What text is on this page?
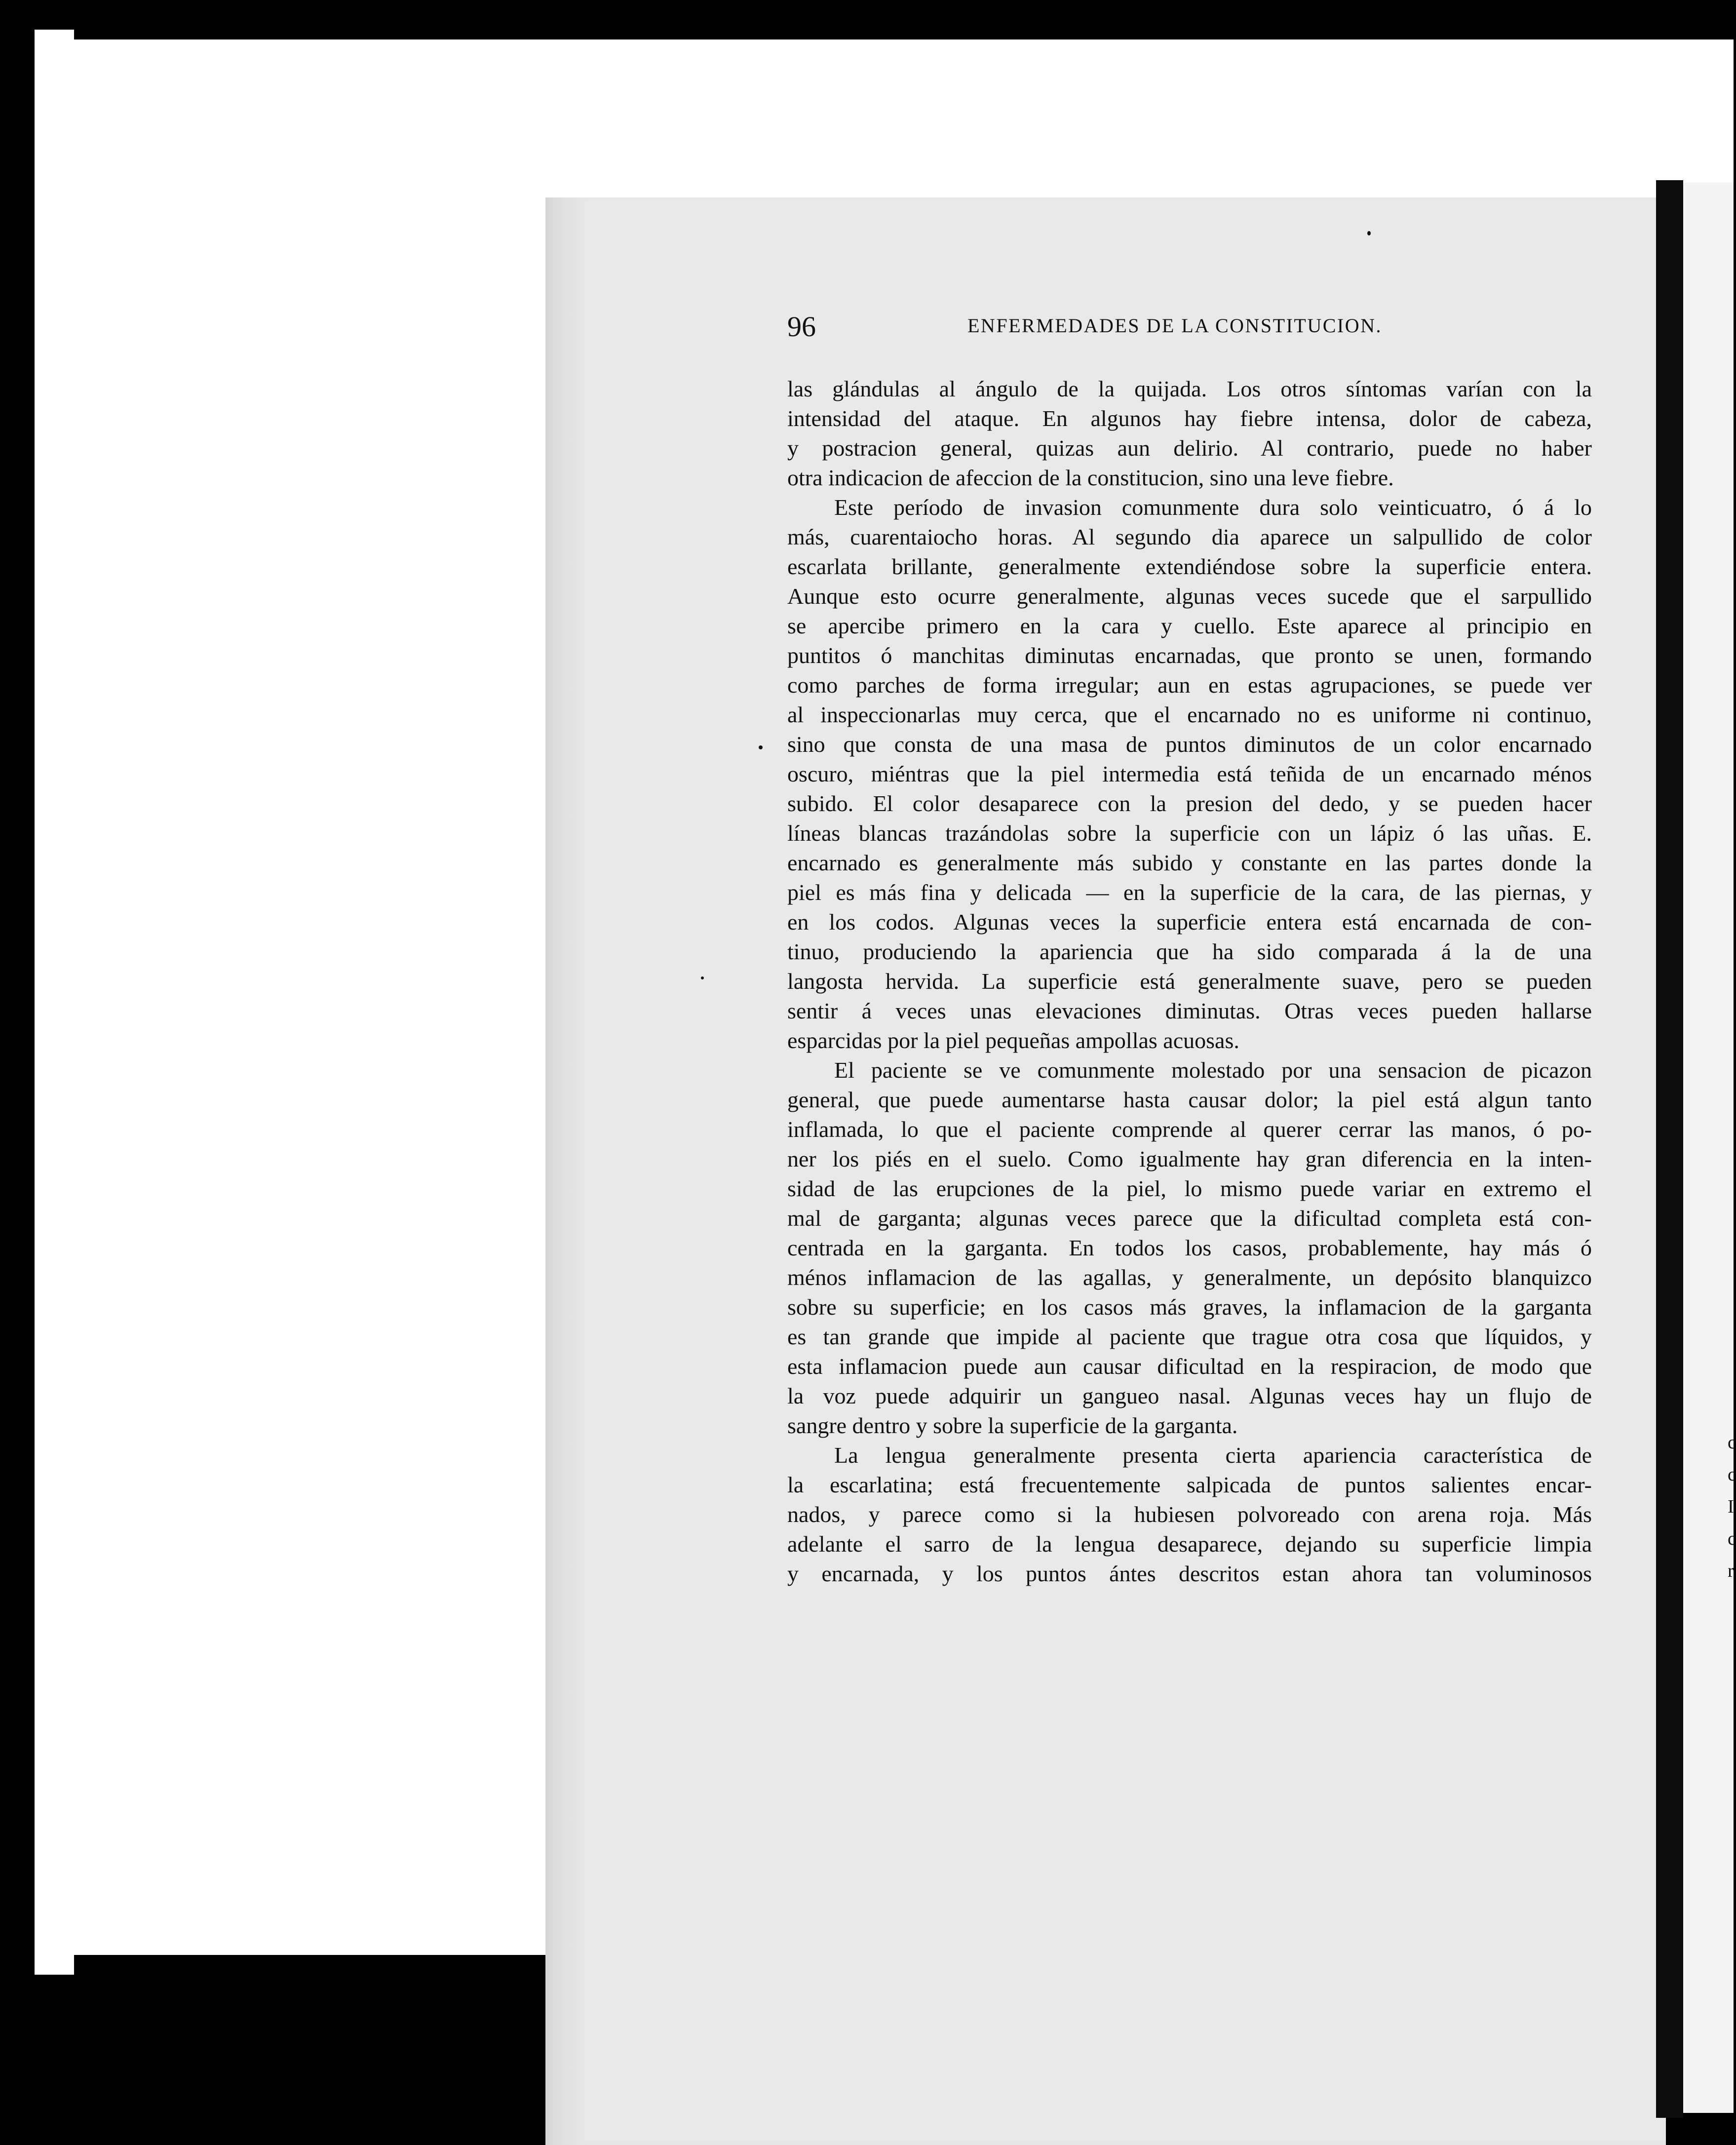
c
c
I
c
r
96	ENFERMEDADES DE LA CONSTITUCION.
las glándulas al ángulo de la quijada. Los otros síntomas varían con la
intensidad del ataque. En algunos hay fiebre intensa, dolor de cabeza,
y postracion general, quizas aun delirio. Al contrario, puede no haber
otra indicacion de afeccion de la constitucion, sino una leve fiebre.
Este período de invasion comunmente dura solo veinticuatro, ó á lo
más, cuarentaiocho horas. Al segundo dia aparece un salpullido de color
escarlata brillante, generalmente extendiéndose sobre la superficie entera.
Aunque esto ocurre generalmente, algunas veces sucede que el sarpullido
se apercibe primero en la cara y cuello. Este aparece al principio en
puntitos ó manchitas diminutas encarnadas, que pronto se unen, formando
como parches de forma irregular; aun en estas agrupaciones, se puede ver
al inspeccionarlas muy cerca, que el encarnado no es uniforme ni continuo,
sino que consta de una masa de puntos diminutos de un color encarnado
oscuro, miéntras que la piel intermedia está teñida de un encarnado ménos
subido. El color desaparece con la presion del dedo, y se pueden hacer
líneas blancas trazándolas sobre la superficie con un lápiz ó las uñas. E.
encarnado es generalmente más subido y constante en las partes donde la
piel es más fina y delicada — en la superficie de la cara, de las piernas, y
en los codos. Algunas veces la superficie entera está encarnada de con-
tinuo, produciendo la apariencia que ha sido comparada á la de una
langosta hervida. La superficie está generalmente suave, pero se pueden
sentir á veces unas elevaciones diminutas. Otras veces pueden hallarse
esparcidas por la piel pequeñas ampollas acuosas.
El paciente se ve comunmente molestado por una sensacion de picazon
general, que puede aumentarse hasta causar dolor; la piel está algun tanto
inflamada, lo que el paciente comprende al querer cerrar las manos, ó po-
ner los piés en el suelo. Como igualmente hay gran diferencia en la inten-
sidad de las erupciones de la piel, lo mismo puede variar en extremo el
mal de garganta; algunas veces parece que la dificultad completa está con-
centrada en la garganta. En todos los casos, probablemente, hay más ó
ménos inflamacion de las agallas, y generalmente, un depósito blanquizco
sobre su superficie; en los casos más graves, la inflamacion de la garganta
es tan grande que impide al paciente que trague otra cosa que líquidos, y
esta inflamacion puede aun causar dificultad en la respiracion, de modo que
la voz puede adquirir un gangueo nasal. Algunas veces hay un flujo de
sangre dentro y sobre la superficie de la garganta.
La lengua generalmente presenta cierta apariencia característica de
la escarlatina; está frecuentemente salpicada de puntos salientes encar-
nados, y parece como si la hubiesen polvoreado con arena roja. Más
adelante el sarro de la lengua desaparece, dejando su superficie limpia
y encarnada, y los puntos ántes descritos estan ahora tan voluminosos
